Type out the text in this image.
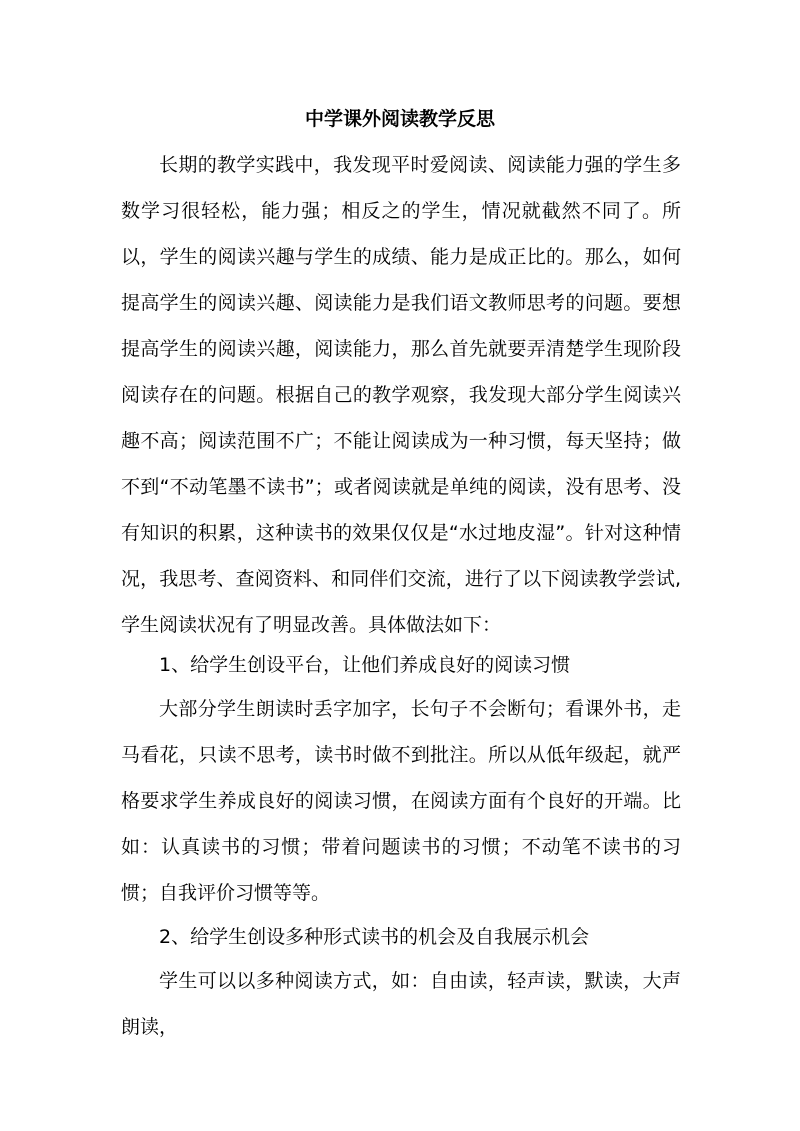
中学课外阅读教学反思

长期的教学实践中，我发现平时爱阅读、阅读能力强的学生多数学习很轻松，能力强；相反之的学生，情况就截然不同了。所以，学生的阅读兴趣与学生的成绩、能力是成正比的。那么，如何提高学生的阅读兴趣、阅读能力是我们语文教师思考的问题。要想提高学生的阅读兴趣，阅读能力，那么首先就要弄清楚学生现阶段阅读存在的问题。根据自己的教学观察，我发现大部分学生阅读兴趣不高；阅读范围不广；不能让阅读成为一种习惯，每天坚持；做不到“不动笔墨不读书”；或者阅读就是单纯的阅读，没有思考、没有知识的积累，这种读书的效果仅仅是“水过地皮湿”。针对这种情况，我思考、查阅资料、和同伴们交流，进行了以下阅读教学尝试,学生阅读状况有了明显改善。具体做法如下：

1、给学生创设平台，让他们养成良好的阅读习惯

大部分学生朗读时丢字加字，长句子不会断句；看课外书，走马看花，只读不思考，读书时做不到批注。所以从低年级起，就严格要求学生养成良好的阅读习惯，在阅读方面有个良好的开端。比如：认真读书的习惯；带着问题读书的习惯；不动笔不读书的习惯；自我评价习惯等等。

2、给学生创设多种形式读书的机会及自我展示机会

学生可以以多种阅读方式，如：自由读，轻声读，默读，大声朗读，
